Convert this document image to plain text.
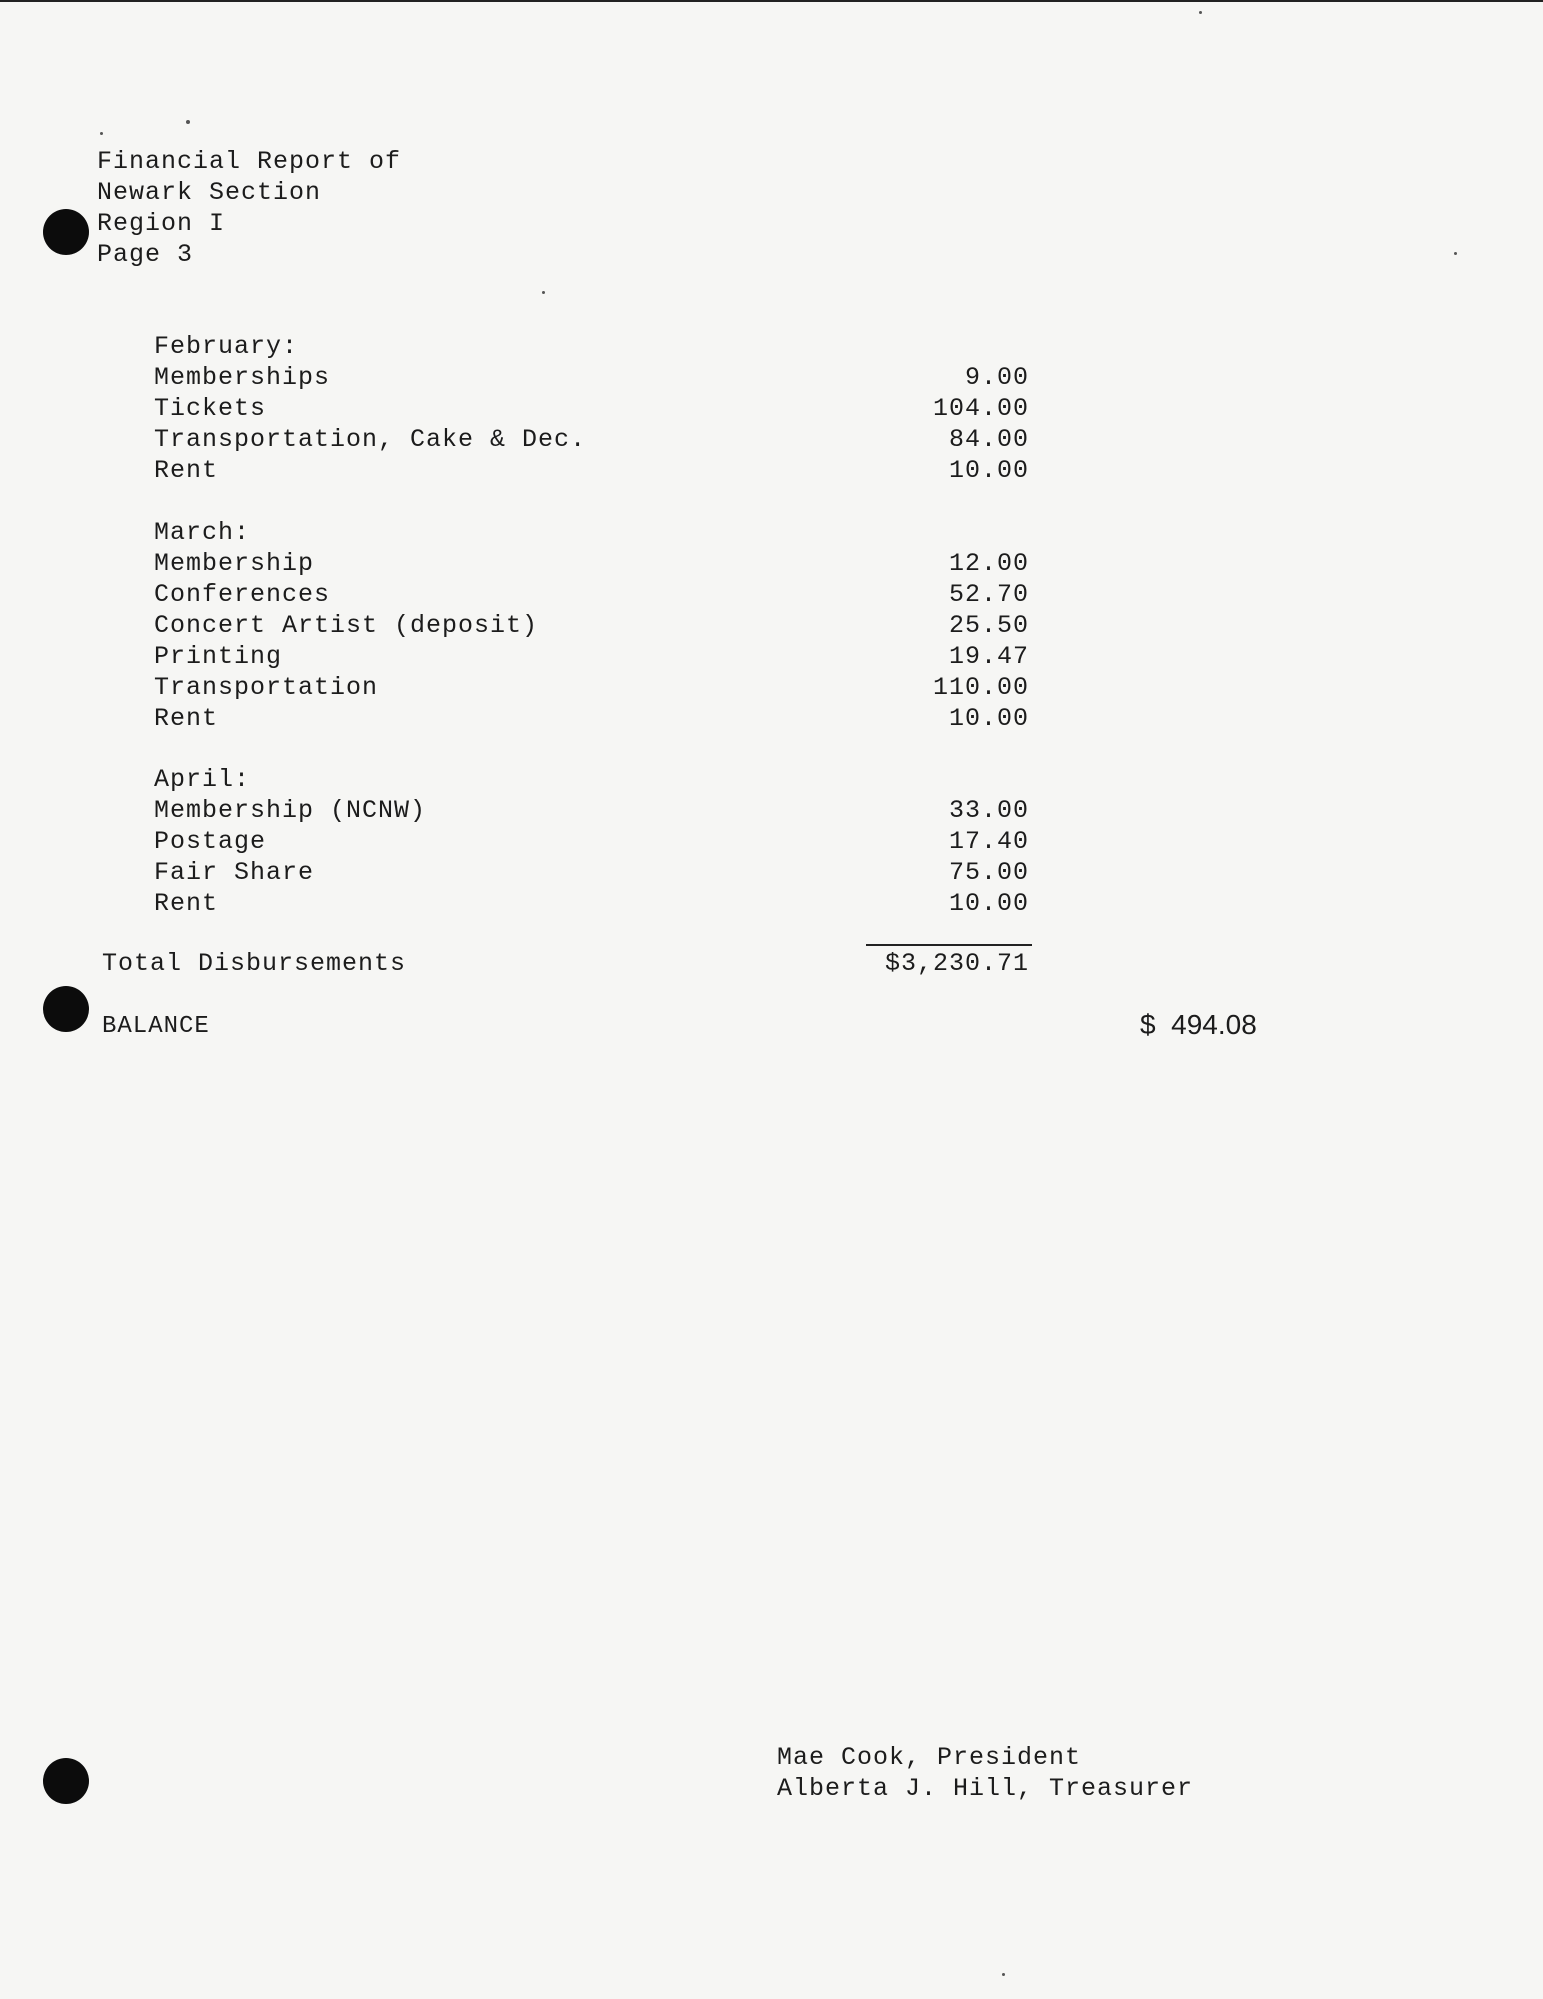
Financial Report of
Newark Section
Region I
Page 3
February:
Memberships	9.00
Tickets	104.00
Transportation, Cake & Dec.	84.00
Rent	10.00
March:
Membership	12.00
Conferences	52.70
Concert Artist (deposit)	25.50
Printing	19.47
Transportation	110.00
Rent	10.00
April:
Membership (NCNW)	33.00
Postage	17.40
Fair Share	75.00
Rent	10.00
Total Disbursements	$3,230.71
BALANCE	$  494.08
Mae Cook, President
Alberta J. Hill, Treasurer
